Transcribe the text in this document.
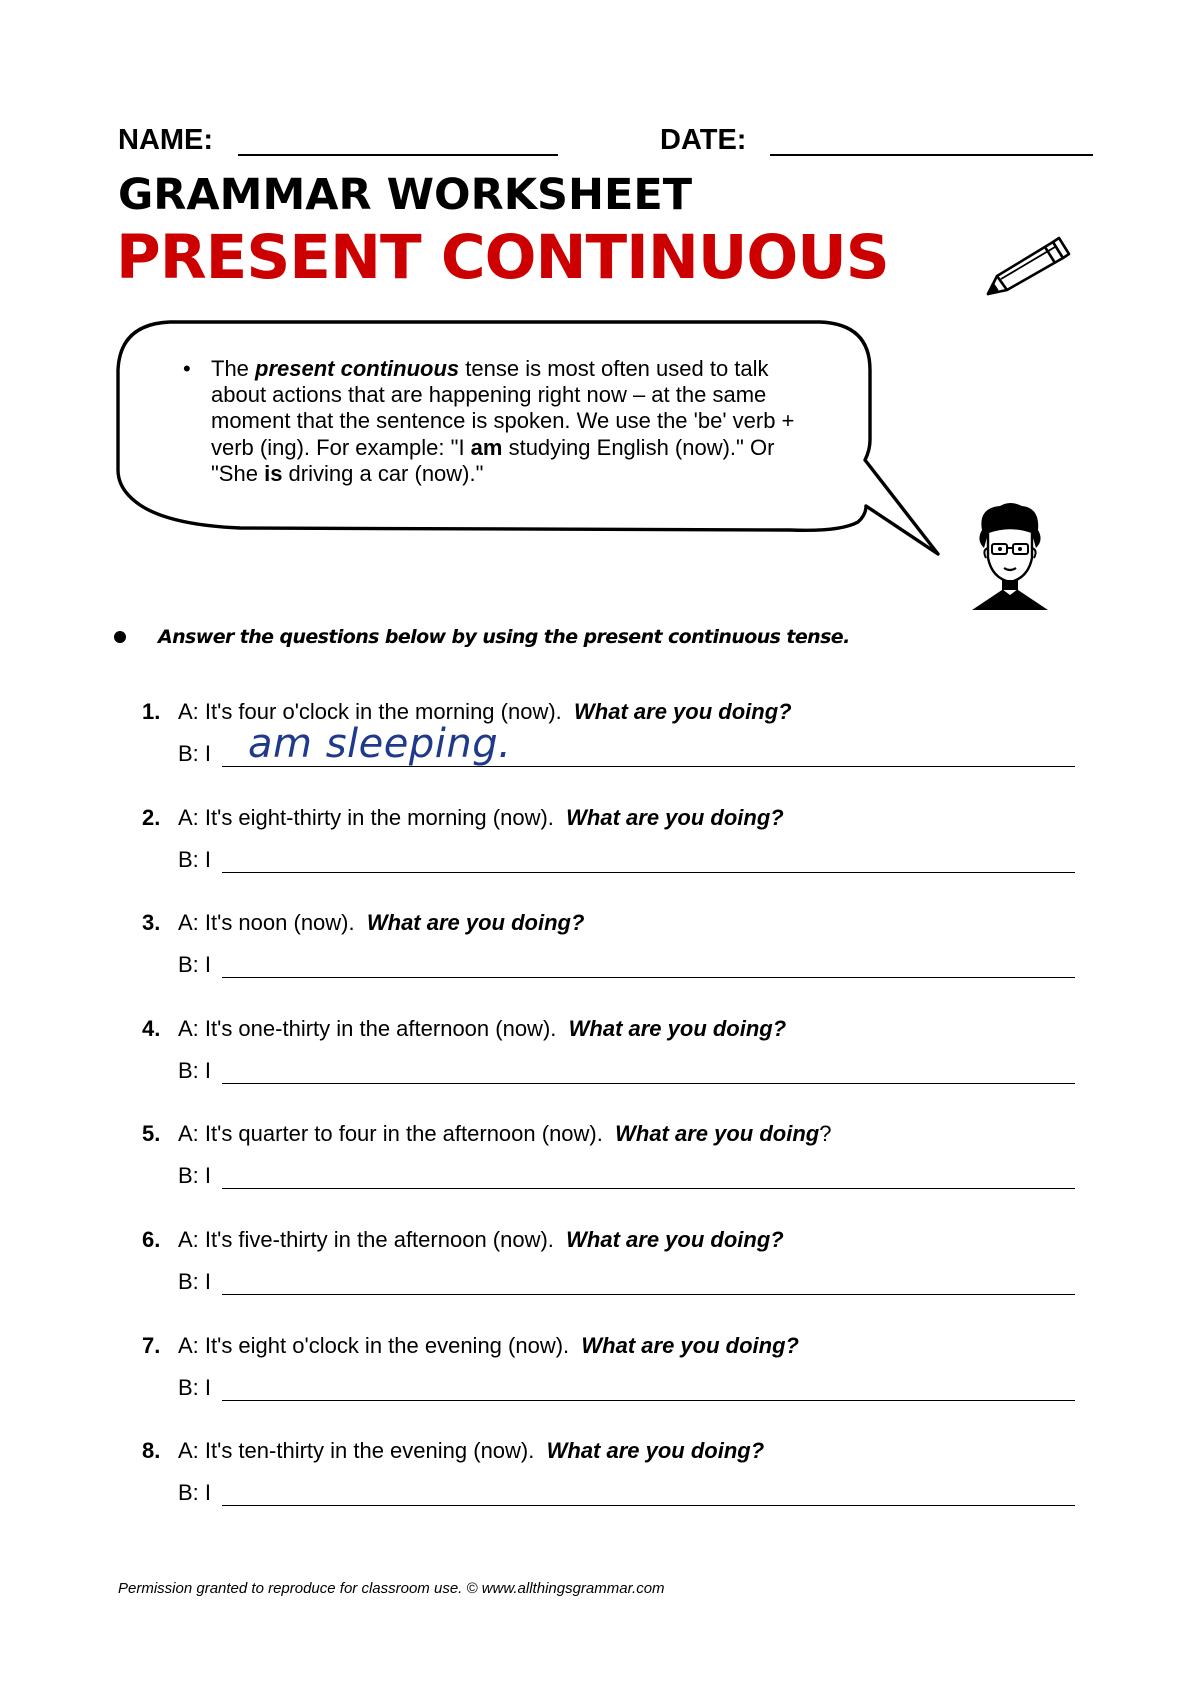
NAME:	DATE:
GRAMMAR WORKSHEET
PRESENT CONTINUOUS
• The present continuous tense is most often used to talk about actions that are happening right now – at the same moment that the sentence is spoken. We use the 'be' verb + verb (ing). For example: "I am studying English (now)." Or "She is driving a car (now)."
Answer the questions below by using the present continuous tense.
1. A: It's four o'clock in the morning (now). What are you doing?
B: I am sleeping.
2. A: It's eight-thirty in the morning (now). What are you doing?
B: I
3. A: It's noon (now). What are you doing?
B: I
4. A: It's one-thirty in the afternoon (now). What are you doing?
B: I
5. A: It's quarter to four in the afternoon (now). What are you doing?
B: I
6. A: It's five-thirty in the afternoon (now). What are you doing?
B: I
7. A: It's eight o'clock in the evening (now). What are you doing?
B: I
8. A: It's ten-thirty in the evening (now). What are you doing?
B: I
Permission granted to reproduce for classroom use. © www.allthingsgrammar.com
